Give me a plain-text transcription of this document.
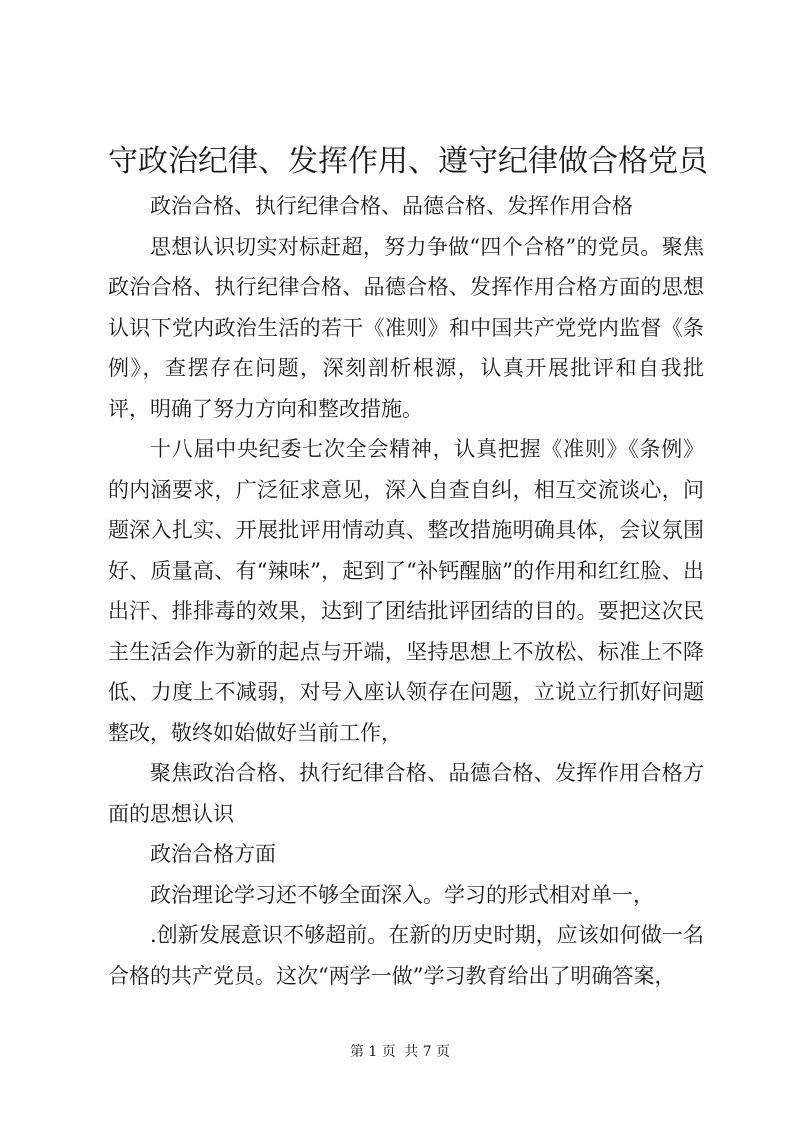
守政治纪律、发挥作用、遵守纪律做合格党员

政治合格、执行纪律合格、品德合格、发挥作用合格

思想认识切实对标赶超，努力争做“四个合格”的党员。聚焦政治合格、执行纪律合格、品德合格、发挥作用合格方面的思想认识下党内政治生活的若干《准则》和中国共产党党内监督《条例》，查摆存在问题，深刻剖析根源，认真开展批评和自我批评，明确了努力方向和整改措施。

十八届中央纪委七次全会精神，认真把握《准则》《条例》的内涵要求，广泛征求意见，深入自查自纠，相互交流谈心，问题深入扎实、开展批评用情动真、整改措施明确具体，会议氛围好、质量高、有“辣味”，起到了“补钙醒脑”的作用和红红脸、出出汗、排排毒的效果，达到了团结批评团结的目的。要把这次民主生活会作为新的起点与开端，坚持思想上不放松、标准上不降低、力度上不减弱，对号入座认领存在问题，立说立行抓好问题整改，敬终如始做好当前工作，

聚焦政治合格、执行纪律合格、品德合格、发挥作用合格方面的思想认识

政治合格方面

政治理论学习还不够全面深入。学习的形式相对单一，

.创新发展意识不够超前。在新的历史时期，应该如何做一名合格的共产党员。这次“两学一做”学习教育给出了明确答案，

第 1 页 共 7 页
